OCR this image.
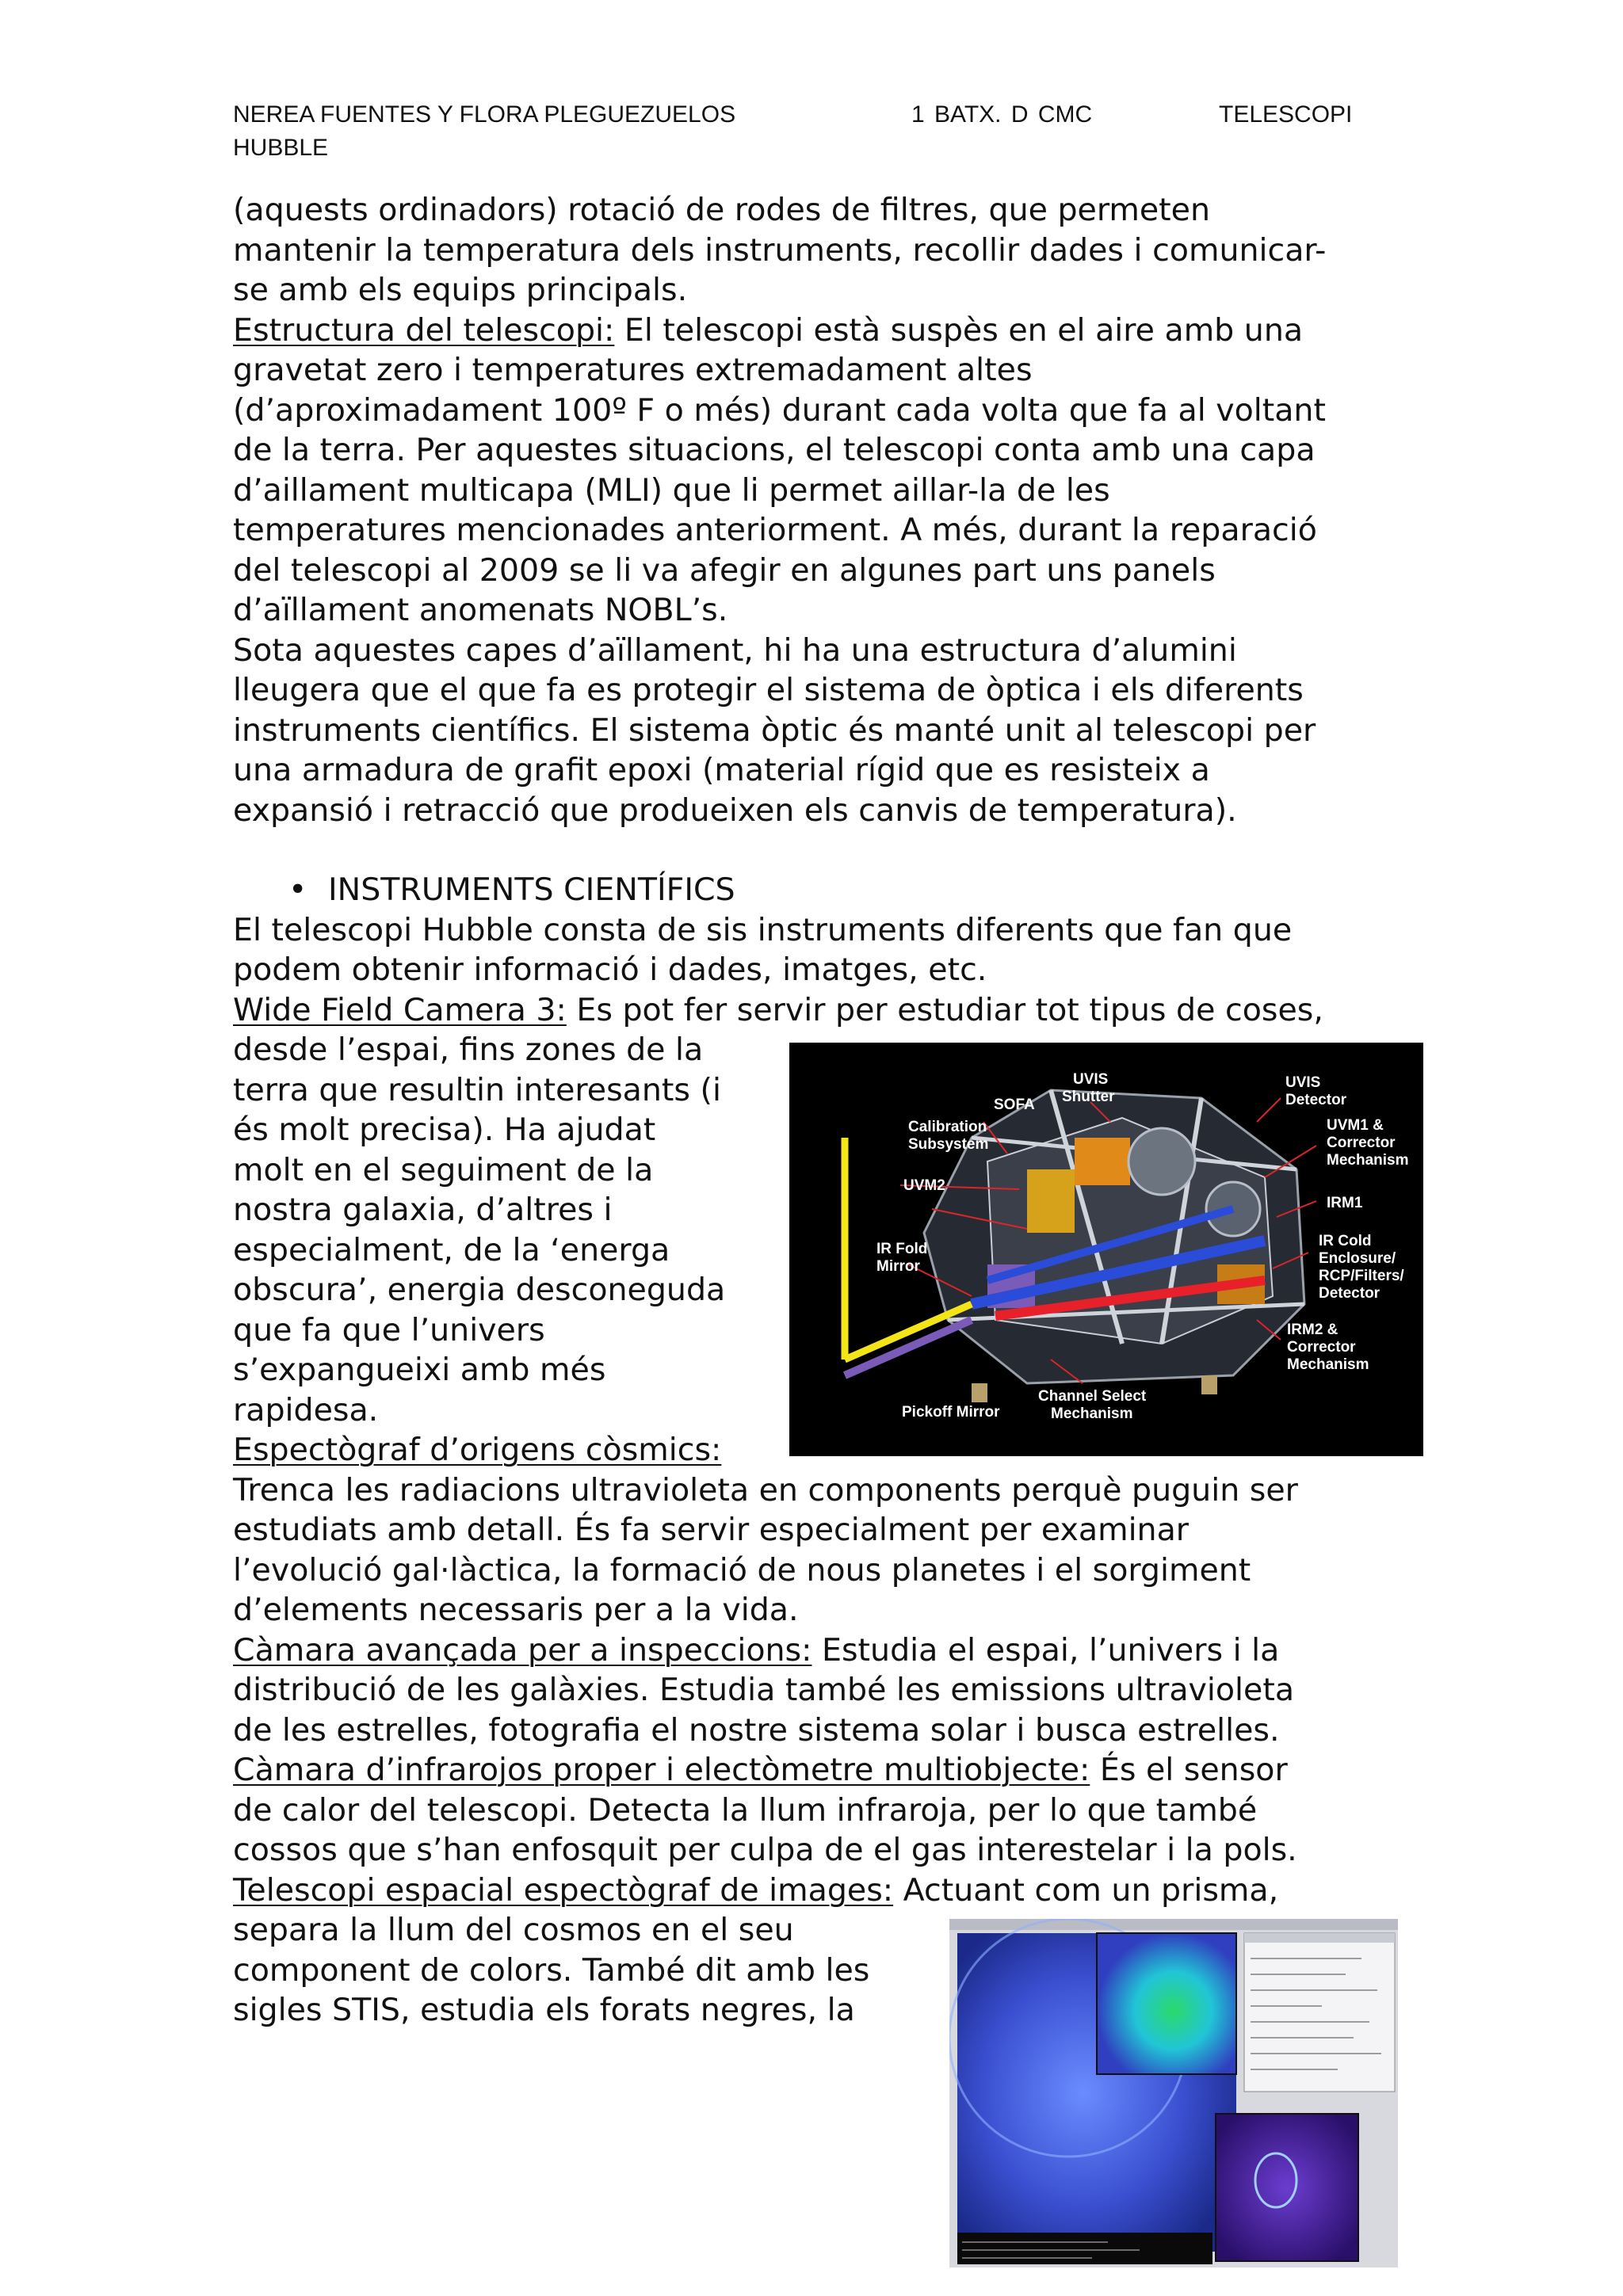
NEREA FUENTES Y FLORA PLEGUEZUELOS	1 BATX. D CMC	TELESCOPI
HUBBLE

(aquests ordinadors) rotació de rodes de filtres, que permeten

mantenir la temperatura dels instruments, recollir dades i comunicar-

se amb els equips principals.

Estructura del telescopi: El telescopi està suspès en el aire amb una

gravetat zero i temperatures extremadament altes

(d’aproximadament 100º F o més) durant cada volta que fa al voltant

de la terra. Per aquestes situacions, el telescopi conta amb una capa

d’aillament multicapa (MLI) que li permet aillar-la de les

temperatures mencionades anteriorment. A més, durant la reparació

del telescopi al 2009 se li va afegir en algunes part uns panels

d’aïllament anomenats NOBL’s.

Sota aquestes capes d’aïllament, hi ha una estructura d’alumini

lleugera que el que fa es protegir el sistema de òptica i els diferents

instruments científics. El sistema òptic és manté unit al telescopi per

una armadura de grafit epoxi (material rígid que es resisteix a

expansió i retracció que produeixen els canvis de temperatura).

• INSTRUMENTS CIENTÍFICS

El telescopi Hubble consta de sis instruments diferents que fan que

podem obtenir informació i dades, imatges, etc.

Wide Field Camera 3: Es pot fer servir per estudiar tot tipus de coses,

desde l’espai, fins zones de la

terra que resultin interesants (i

és molt precisa). Ha ajudat

molt en el seguiment de la

nostra galaxia, d’altres i

especialment, de la ‘energa

obscura’, energia desconeguda

que fa que l’univers

s’expangueixi amb més

rapidesa.

Espectògraf d’origens còsmics:

Trenca les radiacions ultravioleta en components perquè puguin ser

estudiats amb detall. És fa servir especialment per examinar

l’evolució gal·làctica, la formació de nous planetes i el sorgiment

d’elements necessaris per a la vida.

Càmara avançada per a inspeccions: Estudia el espai, l’univers i la

distribució de les galàxies. Estudia també les emissions ultravioleta

de les estrelles, fotografia el nostre sistema solar i busca estrelles.

Càmara d’infrarojos proper i electòmetre multiobjecte: És el sensor

de calor del telescopi. Detecta la llum infraroja, per lo que també

cossos que s’han enfosquit per culpa de el gas interestelar i la pols.

Telescopi espacial espectògraf de images: Actuant com un prisma,

separa la llum del cosmos en el seu

component de colors. També dit amb les

sigles STIS, estudia els forats negres, la

UVIS
Shutter
SOFA
Calibration
Subsystem
UVM2
IR Fold
Mirror
Pickoff Mirror
Channel Select
Mechanism
UVIS
Detector
UVM1 &
Corrector
Mechanism
IRM1
IR Cold
Enclosure/
RCP/Filters/
Detector
IRM2 &
Corrector
Mechanism
